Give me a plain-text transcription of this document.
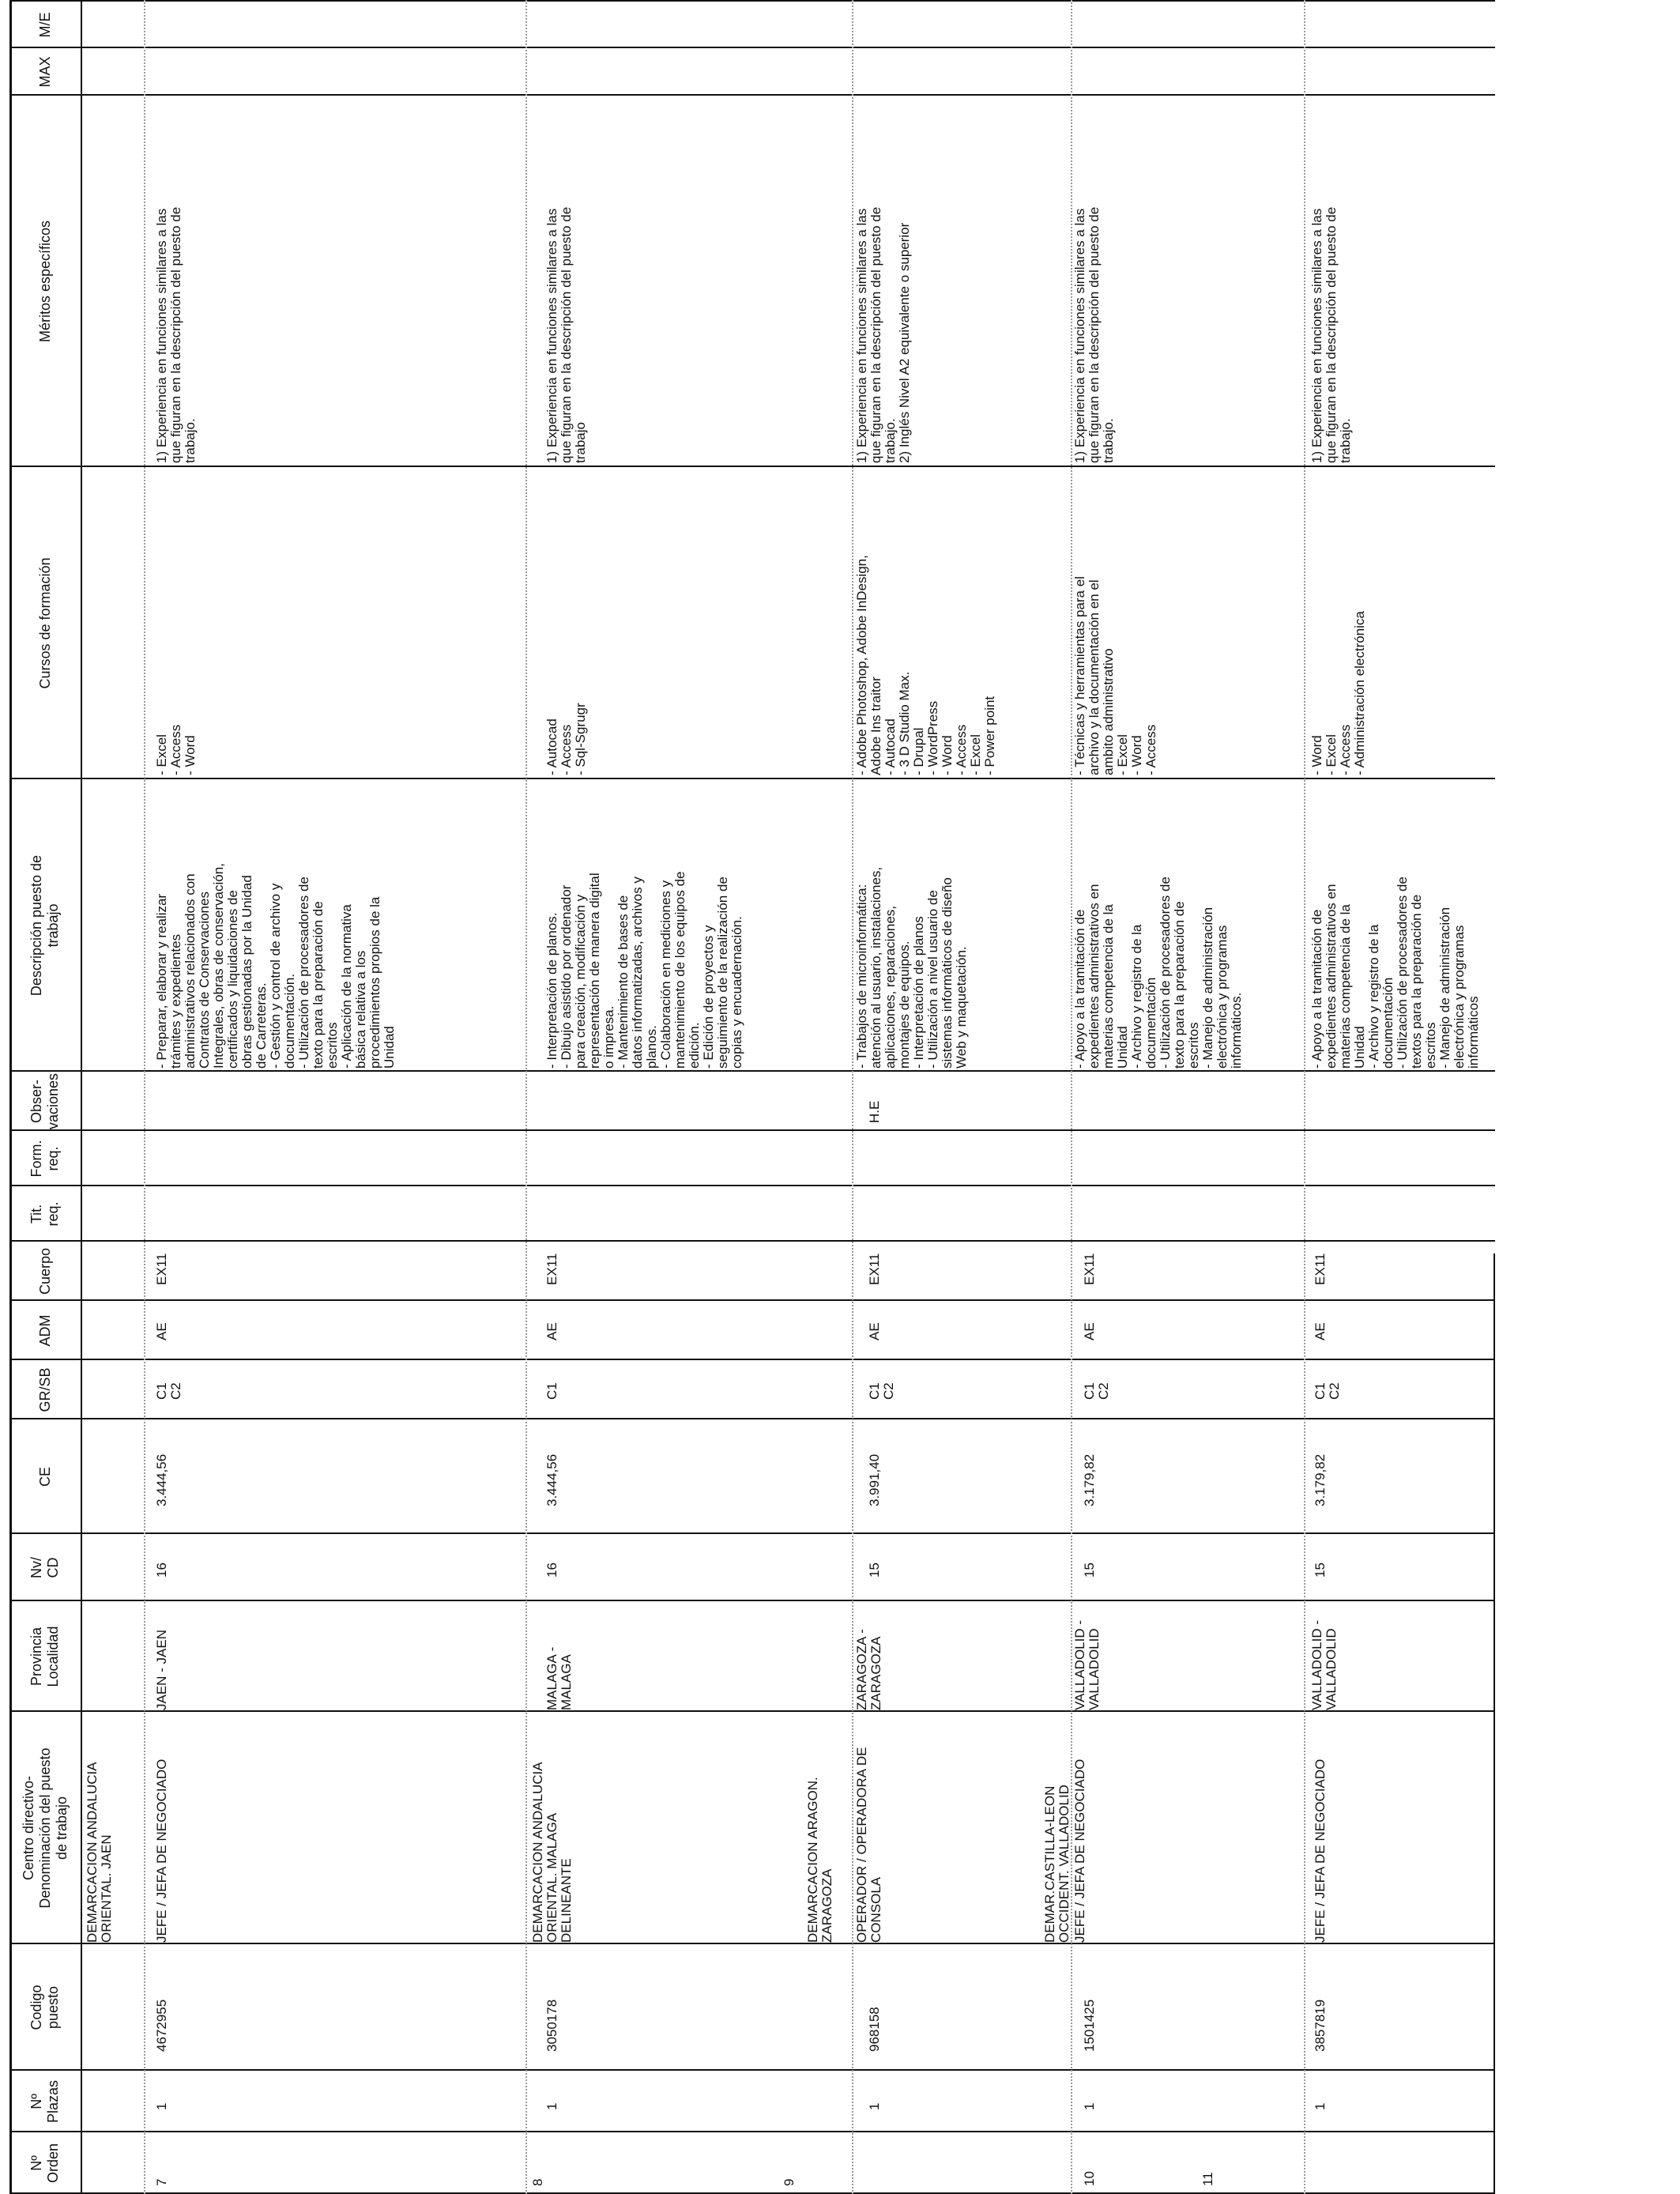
Nº Orden
Nº Plazas
Codigo puesto
Centro directivo- Denominación del puesto de trabajo
Provincia Localidad
Nv/ CD
CE
GR/SB
ADM
Cuerpo
Tit. req.
Form. req.
Obser- vaciones
Descripción puesto de trabajo
Cursos de formación
Méritos específicos
MAX
M/E
DEMARCACION ANDALUCIA
ORIENTAL. JAEN
7
1
4672955
JEFE / JEFA DE NEGOCIADO
JAEN - JAEN
16
3.444,56
C1
C2
AE
EX11
- Preparar, elaborar y realizar
trámites y expedientes
administrativos relacionados con
Contratos de Conservaciones
Integrales, obras de conservación,
certificados y liquidaciones de
obras gestionadas por la Unidad
de Carreteras.
- Gestión y control de archivo y
documentación.
- Utilización de procesadores de
texto para la preparación de
escritos
- Aplicación de la normativa
básica relativa a los
procedimientos propios de la
Unidad
- Excel
- Access
- Word
1) Experiencia en funciones similares a las
que figuran en la descripción del puesto de
trabajo.
DEMARCACION ANDALUCIA
ORIENTAL. MALAGA
8
1
3050178
DELINEANTE
MALAGA -
MALAGA
16
3.444,56
C1
AE
EX11
- Interpretación de planos.
- Dibujo asistido por ordenador
para creación, modificación y
representación de manera digital
o impresa.
- Mantenimiento de bases de
datos informatizadas, archivos y
planos.
- Colaboración en mediciones y
mantenimiento de los equipos de
edición.
- Edición de proyectos y
seguimiento de la realización de
copias y encuadernación.
- Autocad
- Access
- Sql-Sgrugr
1) Experiencia en funciones similares a las
que figuran en la descripción del puesto de
trabajo
9
DEMARCACION ARAGON.
ZARAGOZA
1
968158
OPERADOR / OPERADORA DE
CONSOLA
ZARAGOZA -
ZARAGOZA
15
3.991,40
C1
C2
AE
EX11
H.E
- Trabajos de microinformática:
atención al usuario, instalaciones,
aplicaciones, reparaciones,
montajes de equipos.
- Interpretación de planos
- Utilización a nivel usuario de
sistemas informáticos de diseño
Web y maquetación.
- Adobe Photoshop, Adobe InDesign,
Adobe Ins traitor
- Autocad
- 3 D Studio Max.
- Drupal
- WordPress
- Word
- Access
- Excel
- Power point
1) Experiencia en funciones similares a las
que figuran en la descripción del puesto de
trabajo.
2) Inglés Nivel A2 equivalente o superior
DEMAR.CASTILLA-LEON
OCCIDENT. VALLADOLID
10
1
1501425
JEFE / JEFA DE NEGOCIADO
VALLADOLID -
VALLADOLID
15
3.179,82
C1
C2
AE
EX11
- Apoyo a la tramitación de
expedientes administrativos en
materias competencia de la
Unidad
- Archivo y registro de la
documentación
- Utilización de procesadores de
texto para la preparación de
escritos
- Manejo de administración
electrónica y programas
informáticos.
- Técnicas y herramientas para el
archivo y la documentación en el
ambito administrativo
- Excel
- Word
- Access
1) Experiencia en funciones similares a las
que figuran en la descripción del puesto de
trabajo.
11
1
3857819
JEFE / JEFA DE NEGOCIADO
VALLADOLID -
VALLADOLID
15
3.179,82
C1
C2
AE
EX11
- Apoyo a la tramitación de
expedientes administrativos en
materias competencia de la
Unidad
- Archivo y registro de la
documentación
- Utilización de procesadores de
textos para la preparación de
escritos
- Manejo de administración
electrónica y programas
informáticos
- Word
- Excel
- Access
- Administración electrónica
1) Experiencia en funciones similares a las
que figuran en la descripción del puesto de
trabajo.
